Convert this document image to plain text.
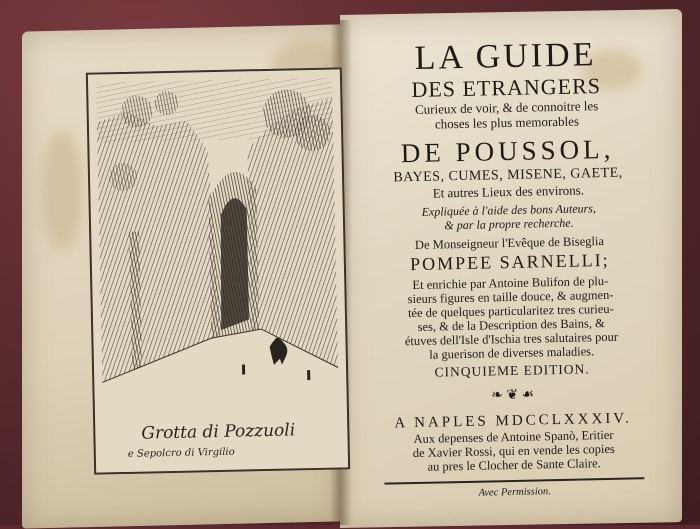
Grotta di Pozzuoli
e Sepolcro di Virgilio
LA GUIDE
DES ETRANGERS
Curieux de voir, & de connoitre les
choses les plus memorables
DE POUSSOL,
BAYES, CUMES, MISENE, GAETE,
Et autres Lieux des environs.
Expliquée à l'aide des bons Auteurs,
& par la propre recherche.
De Monseigneur l'Evêque de Biseglia
POMPEE SARNELLI;
Et enrichie par Antoine Bulifon de plu-
sieurs figures en taille douce, & augmen-
tée de quelques particularitez tres curieu-
ses, & de la Description des Bains, &
étuves dell'Isle d'Ischia tres salutaires pour
la guerison de diverses maladies.
CINQUIEME EDITION.
❧ ❦ ☙
A NAPLES MDCCLXXXIV.
Aux depenses de Antoine Spanò, Eritier
de Xavier Rossi, qui en vende les copies
au pres le Clocher de Sante Claire.
Avec Permission.
